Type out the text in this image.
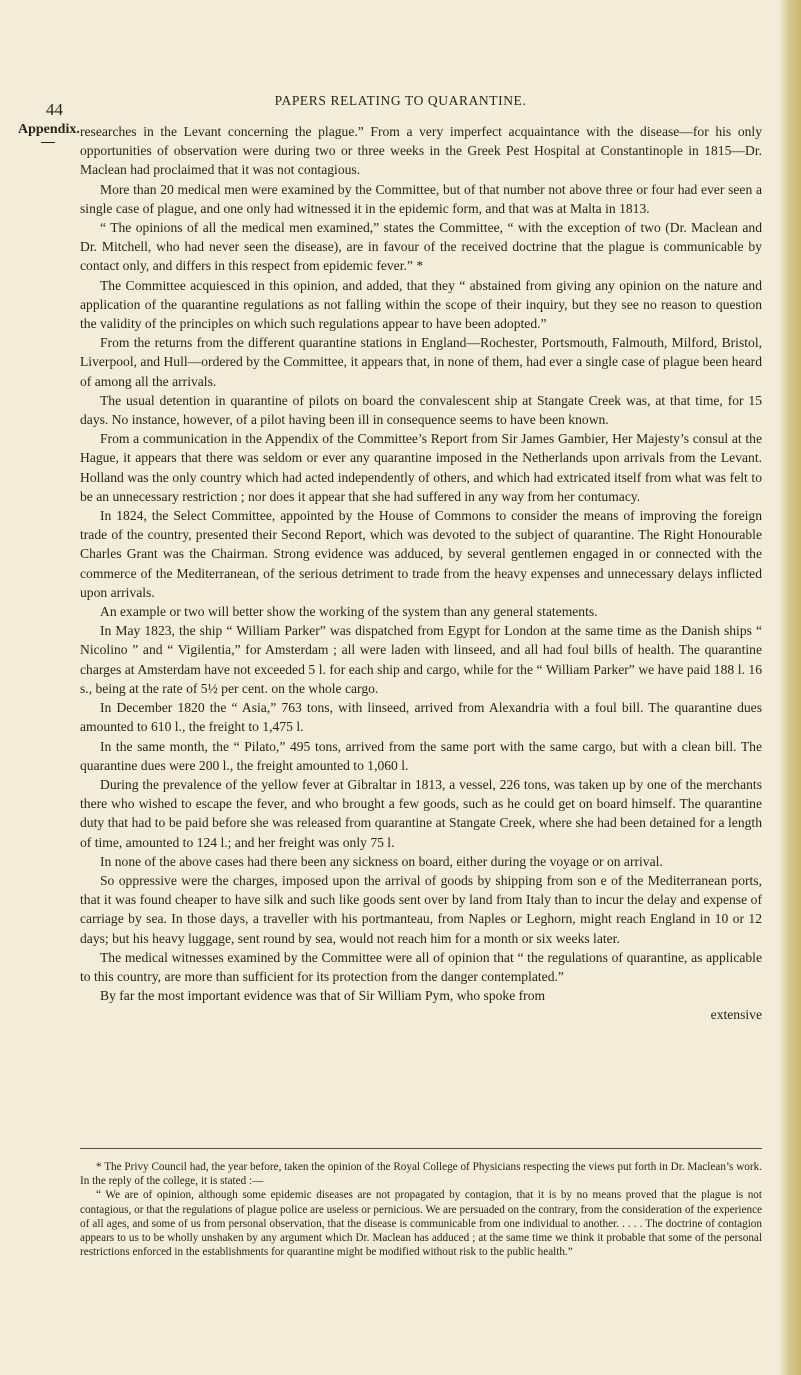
44	PAPERS RELATING TO QUARANTINE.
Appendix. researches in the Levant concerning the plague.” From a very imperfect acquaintance with the disease—for his only opportunities of observation were during two or three weeks in the Greek Pest Hospital at Constantinople in 1815—Dr. Maclean had proclaimed that it was not contagious.

More than 20 medical men were examined by the Committee, but of that number not above three or four had ever seen a single case of plague, and one only had witnessed it in the epidemic form, and that was at Malta in 1813.

“ The opinions of all the medical men examined,” states the Committee, “ with the exception of two (Dr. Maclean and Dr. Mitchell, who had never seen the disease), are in favour of the received doctrine that the plague is communicable by contact only, and differs in this respect from epidemic fever.” *

The Committee acquiesced in this opinion, and added, that they “ abstained from giving any opinion on the nature and application of the quarantine regulations as not falling within the scope of their inquiry, but they see no reason to question the validity of the principles on which such regulations appear to have been adopted.”

From the returns from the different quarantine stations in England—Rochester, Portsmouth, Falmouth, Milford, Bristol, Liverpool, and Hull—ordered by the Committee, it appears that, in none of them, had ever a single case of plague been heard of among all the arrivals.

The usual detention in quarantine of pilots on board the convalescent ship at Stangate Creek was, at that time, for 15 days. No instance, however, of a pilot having been ill in consequence seems to have been known.

From a communication in the Appendix of the Committee’s Report from Sir James Gambier, Her Majesty’s consul at the Hague, it appears that there was seldom or ever any quarantine imposed in the Netherlands upon arrivals from the Levant. Holland was the only country which had acted independently of others, and which had extricated itself from what was felt to be an unnecessary restriction ; nor does it appear that she had suffered in any way from her contumacy.

In 1824, the Select Committee, appointed by the House of Commons to consider the means of improving the foreign trade of the country, presented their Second Report, which was devoted to the subject of quarantine. The Right Honourable Charles Grant was the Chairman. Strong evidence was adduced, by several gentlemen engaged in or connected with the commerce of the Mediterranean, of the serious detriment to trade from the heavy expenses and unnecessary delays inflicted upon arrivals.

An example or two will better show the working of the system than any general statements.

In May 1823, the ship “ William Parker” was dispatched from Egypt for London at the same time as the Danish ships “ Nicolino ” and “ Vigilentia,” for Amsterdam ; all were laden with linseed, and all had foul bills of health. The quarantine charges at Amsterdam have not exceeded 5 l. for each ship and cargo, while for the “ William Parker” we have paid 188 l. 16 s., being at the rate of 5½ per cent. on the whole cargo.

In December 1820 the “ Asia,” 763 tons, with linseed, arrived from Alexandria with a foul bill. The quarantine dues amounted to 610 l., the freight to 1,475 l.

In the same month, the “ Pilato,” 495 tons, arrived from the same port with the same cargo, but with a clean bill. The quarantine dues were 200 l., the freight amounted to 1,060 l.

During the prevalence of the yellow fever at Gibraltar in 1813, a vessel, 226 tons, was taken up by one of the merchants there who wished to escape the fever, and who brought a few goods, such as he could get on board himself. The quarantine duty that had to be paid before she was released from quarantine at Stangate Creek, where she had been detained for a length of time, amounted to 124 l.; and her freight was only 75 l.

In none of the above cases had there been any sickness on board, either during the voyage or on arrival.

So oppressive were the charges, imposed upon the arrival of goods by shipping from son e of the Mediterranean ports, that it was found cheaper to have silk and such like goods sent over by land from Italy than to incur the delay and expense of carriage by sea. In those days, a traveller with his portmanteau, from Naples or Leghorn, might reach England in 10 or 12 days; but his heavy luggage, sent round by sea, would not reach him for a month or six weeks later.

The medical witnesses examined by the Committee were all of opinion that “ the regulations of quarantine, as applicable to this country, are more than sufficient for its protection from the danger contemplated.”

By far the most important evidence was that of Sir William Pym, who spoke from

extensive

* The Privy Council had, the year before, taken the opinion of the Royal College of Physicians respecting the views put forth in Dr. Maclean’s work. In the reply of the college, it is stated :—

“ We are of opinion, although some epidemic diseases are not propagated by contagion, that it is by no means proved that the plague is not contagious, or that the regulations of plague police are useless or pernicious. We are persuaded on the contrary, from the consideration of the experience of all ages, and some of us from personal observation, that the disease is communicable from one individual to another. . . . . The doctrine of contagion appears to us to be wholly unshaken by any argument which Dr. Maclean has adduced ; at the same time we think it probable that some of the personal restrictions enforced in the establishments for quarantine might be modified without risk to the public health.”
